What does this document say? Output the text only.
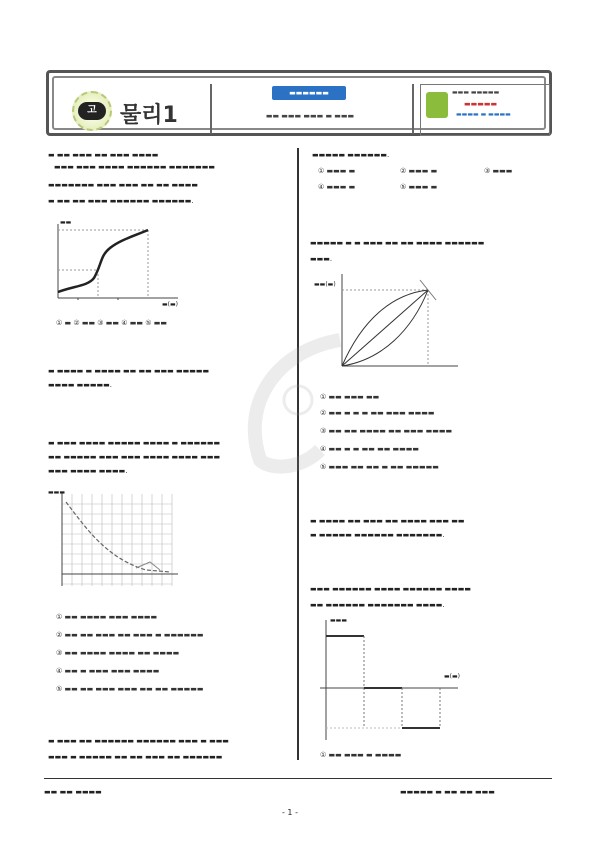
고	물리1
▬▬▬▬▬▬
▬▬ ▬▬▬ ▬▬▬ ▬ ▬▬▬
▬▬▬ ▬▬▬▬▬
▬▬▬▬▬
▬▬▬▬ ▬ ▬▬▬▬
▬ ▬▬ ▬▬▬ ▬▬ ▬▬▬ ▬▬▬▬
▬▬▬ ▬▬▬ ▬▬▬▬ ▬▬▬▬▬▬ ▬▬▬▬▬▬▬
▬▬▬▬▬▬▬ ▬▬▬ ▬▬▬ ▬▬ ▬▬ ▬▬▬▬
▬ ▬▬ ▬▬ ▬▬▬ ▬▬▬▬▬▬ ▬▬▬▬▬▬.
▬▬
▬(▬)
① ▬ ② ▬▬ ③ ▬▬ ④ ▬▬ ⑤ ▬▬
▬ ▬▬▬▬ ▬ ▬▬▬▬ ▬▬ ▬▬ ▬▬▬ ▬▬▬▬▬
▬▬▬▬ ▬▬▬▬▬.
▬ ▬▬▬ ▬▬▬▬ ▬▬▬▬▬ ▬▬▬▬ ▬ ▬▬▬▬▬▬
▬▬ ▬▬▬▬▬ ▬▬▬ ▬▬▬ ▬▬▬▬ ▬▬▬▬ ▬▬▬
▬▬▬ ▬▬▬▬ ▬▬▬▬.
▬▬▬
① ▬▬ ▬▬▬▬ ▬▬▬ ▬▬▬▬
② ▬▬ ▬▬ ▬▬▬ ▬▬ ▬▬▬ ▬ ▬▬▬▬▬▬
③ ▬▬ ▬▬▬▬ ▬▬▬▬ ▬▬ ▬▬▬▬
④ ▬▬ ▬ ▬▬▬ ▬▬▬ ▬▬▬▬
⑤ ▬▬ ▬▬ ▬▬▬ ▬▬▬ ▬▬ ▬▬ ▬▬▬▬▬
▬ ▬▬▬ ▬▬ ▬▬▬▬▬▬ ▬▬▬▬▬▬ ▬▬▬ ▬ ▬▬▬
▬▬▬ ▬ ▬▬▬▬▬ ▬▬ ▬▬ ▬▬▬ ▬▬ ▬▬▬▬▬▬
▬▬▬▬▬ ▬▬▬▬▬▬.
① ▬▬▬ ▬	② ▬▬▬ ▬	③ ▬▬▬
④ ▬▬▬ ▬	⑤ ▬▬▬ ▬
▬▬▬▬▬ ▬ ▬ ▬▬▬ ▬▬ ▬▬ ▬▬▬▬ ▬▬▬▬▬▬
▬▬▬.
▬▬(▬)
① ▬▬ ▬▬▬ ▬▬
② ▬▬ ▬ ▬ ▬ ▬▬ ▬▬▬ ▬▬▬▬
③ ▬▬ ▬▬ ▬▬▬▬ ▬▬ ▬▬▬ ▬▬▬▬
④ ▬▬ ▬ ▬ ▬▬ ▬▬ ▬▬▬▬
⑤ ▬▬▬ ▬▬ ▬▬ ▬ ▬▬ ▬▬▬▬▬
▬ ▬▬▬▬ ▬▬ ▬▬▬ ▬▬ ▬▬▬▬ ▬▬▬ ▬▬
▬ ▬▬▬▬▬ ▬▬▬▬▬▬ ▬▬▬▬▬▬▬.
▬▬▬ ▬▬▬▬▬▬ ▬▬▬▬ ▬▬▬▬▬▬ ▬▬▬▬
▬▬ ▬▬▬▬▬▬ ▬▬▬▬▬▬▬ ▬▬▬▬.
▬▬▬
▬(▬)
① ▬▬ ▬▬▬ ▬ ▬▬▬▬
▬▬ ▬▬ ▬▬▬▬	▬▬▬▬▬ ▬ ▬▬ ▬▬ ▬▬▬
- 1 -
